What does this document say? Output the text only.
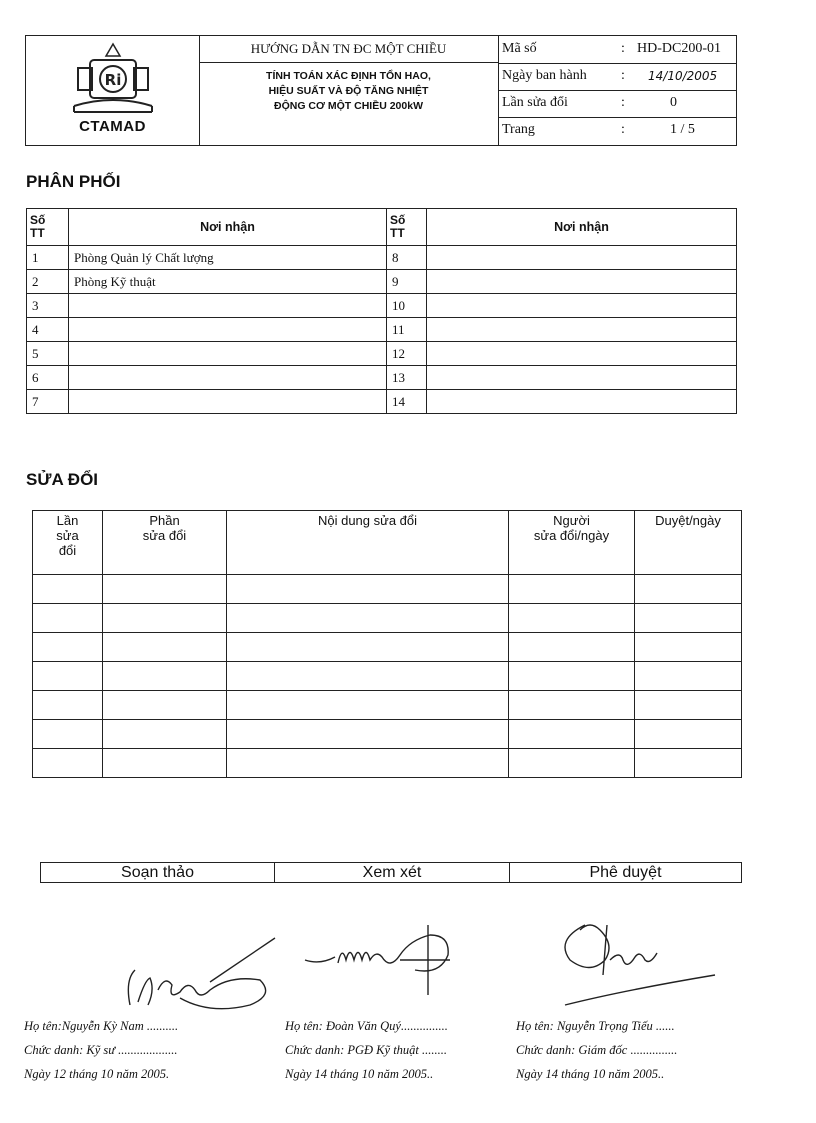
Ri
CTAMAD
HƯỚNG DẪN TN ĐC MỘT CHIỀU
TÍNH TOÁN XÁC ĐỊNH TỔN HAO,
HIỆU SUẤT VÀ ĐỘ TĂNG NHIỆT
ĐỘNG CƠ MỘT CHIỀU 200kW
Mã số	: HD-DC200-01
Ngày ban hành : 14/10/2005
Lần sửa đổi	:	0
Trang	:	1 / 5
PHÂN PHỐI
Số
TT	Nơi nhận	Số
TT	Nơi nhận
1	Phòng Quản lý Chất lượng	8	
2	Phòng Kỹ thuật	9	
3		10	
4		11	
5		12	
6		13	
7		14	
SỬA ĐỔI
Lần
sửa
đổi	Phần
sửa đổi	Nội dung sửa đổi	Người
sửa đổi/ngày	Duyệt/ngày

Soạn thảo	Xem xét	Phê duyệt
Họ tên:Nguyễn Kỳ Nam ..........
Chức danh: Kỹ sư ...................
Ngày 12 tháng 10 năm 2005.
Họ tên: Đoàn Văn Quý...............
Chức danh: PGĐ Kỹ thuật ........
Ngày 14 tháng 10 năm 2005..
Họ tên: Nguyễn Trọng Tiếu ......
Chức danh: Giám đốc ...............
Ngày 14 tháng 10 năm 2005..
